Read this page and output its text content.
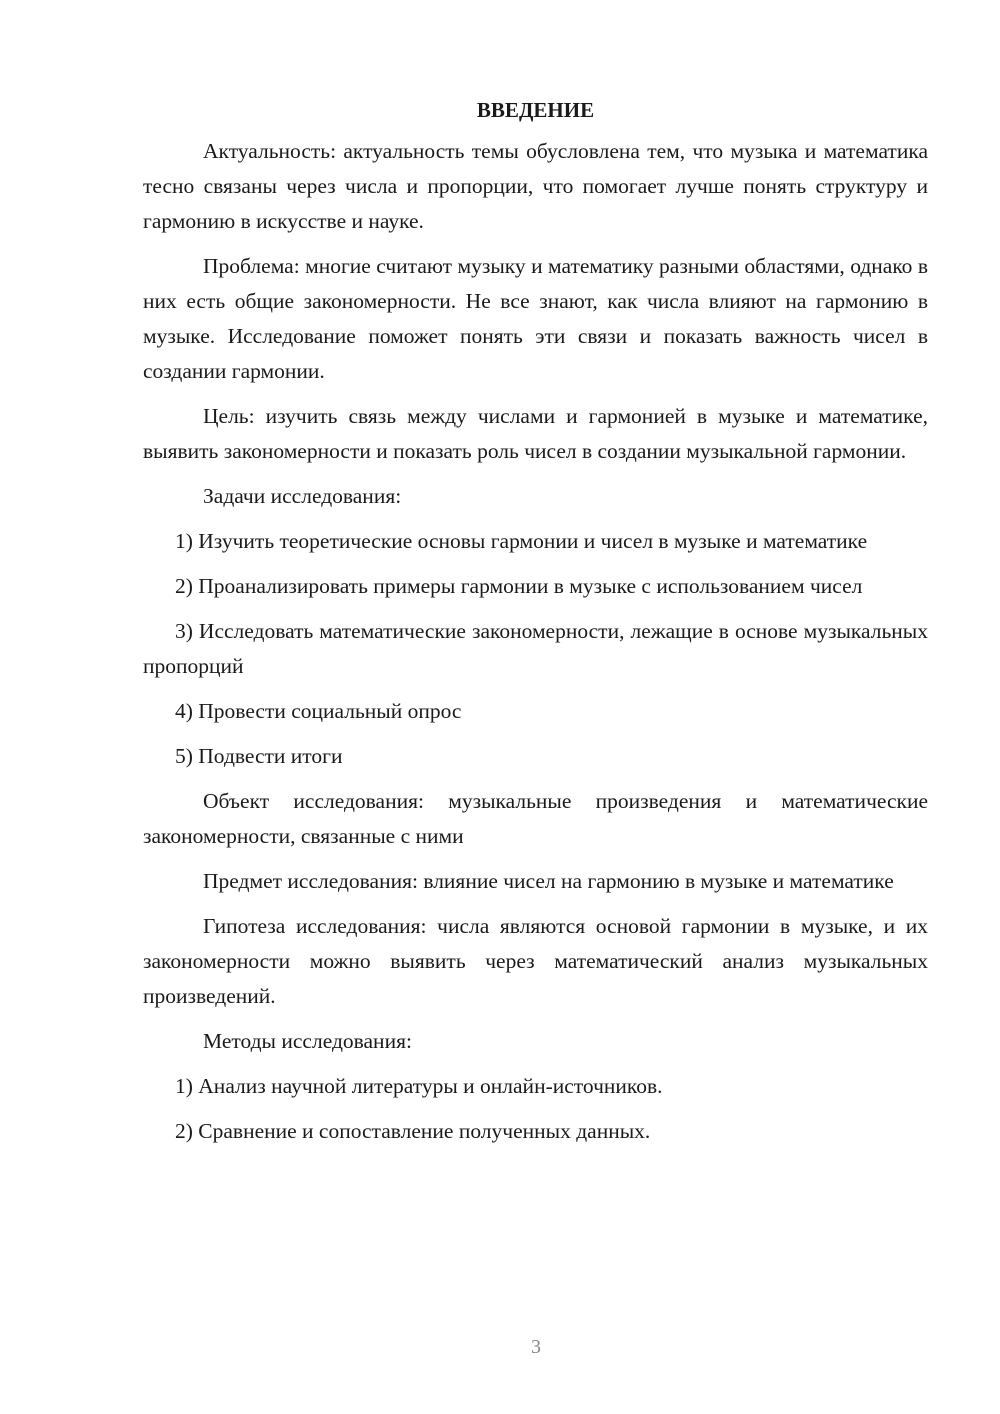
ВВЕДЕНИЕ

Актуальность: актуальность темы обусловлена тем, что музыка и математика тесно связаны через числа и пропорции, что помогает лучше понять структуру и гармонию в искусстве и науке.

Проблема: многие считают музыку и математику разными областями, однако в них есть общие закономерности. Не все знают, как числа влияют на гармонию в музыке. Исследование поможет понять эти связи и показать важность чисел в создании гармонии.

Цель: изучить связь между числами и гармонией в музыке и математике, выявить закономерности и показать роль чисел в создании музыкальной гармонии.

Задачи исследования:

1) Изучить теоретические основы гармонии и чисел в музыке и математике

2) Проанализировать примеры гармонии в музыке с использованием чисел

3) Исследовать математические закономерности, лежащие в основе музыкальных пропорций

4) Провести социальный опрос

5) Подвести итоги

Объект исследования: музыкальные произведения и математические закономерности, связанные с ними

Предмет исследования: влияние чисел на гармонию в музыке и математике

Гипотеза исследования: числа являются основой гармонии в музыке, и их закономерности можно выявить через математический анализ музыкальных произведений.

Методы исследования:

1) Анализ научной литературы и онлайн-источников.

2) Сравнение и сопоставление полученных данных.

3
